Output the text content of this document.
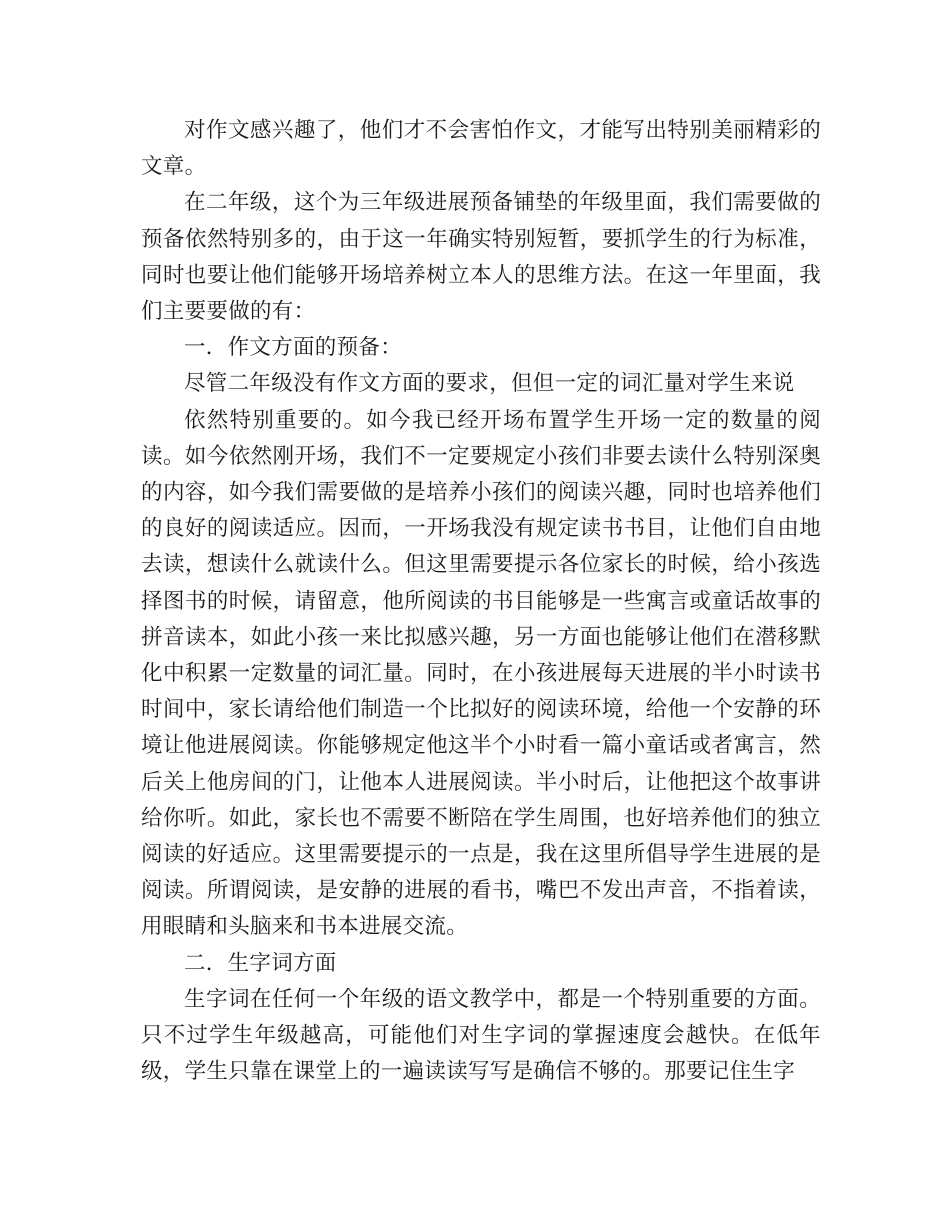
对作文感兴趣了，他们才不会害怕作文，才能写出特别美丽精彩的文章。

在二年级，这个为三年级进展预备铺垫的年级里面，我们需要做的预备依然特别多的，由于这一年确实特别短暂，要抓学生的行为标准，同时也要让他们能够开场培养树立本人的思维方法。在这一年里面，我们主要要做的有：

一．作文方面的预备：

尽管二年级没有作文方面的要求，但但一定的词汇量对学生来说

依然特别重要的。如今我已经开场布置学生开场一定的数量的阅读。如今依然刚开场，我们不一定要规定小孩们非要去读什么特别深奥的内容，如今我们需要做的是培养小孩们的阅读兴趣，同时也培养他们的良好的阅读适应。因而，一开场我没有规定读书书目，让他们自由地去读，想读什么就读什么。但这里需要提示各位家长的时候，给小孩选择图书的时候，请留意，他所阅读的书目能够是一些寓言或童话故事的拼音读本，如此小孩一来比拟感兴趣，另一方面也能够让他们在潜移默化中积累一定数量的词汇量。同时，在小孩进展每天进展的半小时读书时间中，家长请给他们制造一个比拟好的阅读环境，给他一个安静的环境让他进展阅读。你能够规定他这半个小时看一篇小童话或者寓言，然后关上他房间的门，让他本人进展阅读。半小时后，让他把这个故事讲给你听。如此，家长也不需要不断陪在学生周围，也好培养他们的独立阅读的好适应。这里需要提示的一点是，我在这里所倡导学生进展的是阅读。所谓阅读，是安静的进展的看书，嘴巴不发出声音，不指着读，用眼睛和头脑来和书本进展交流。

二．生字词方面

生字词在任何一个年级的语文教学中，都是一个特别重要的方面。只不过学生年级越高，可能他们对生字词的掌握速度会越快。在低年级，学生只靠在课堂上的一遍读读写写是确信不够的。那要记住生字
